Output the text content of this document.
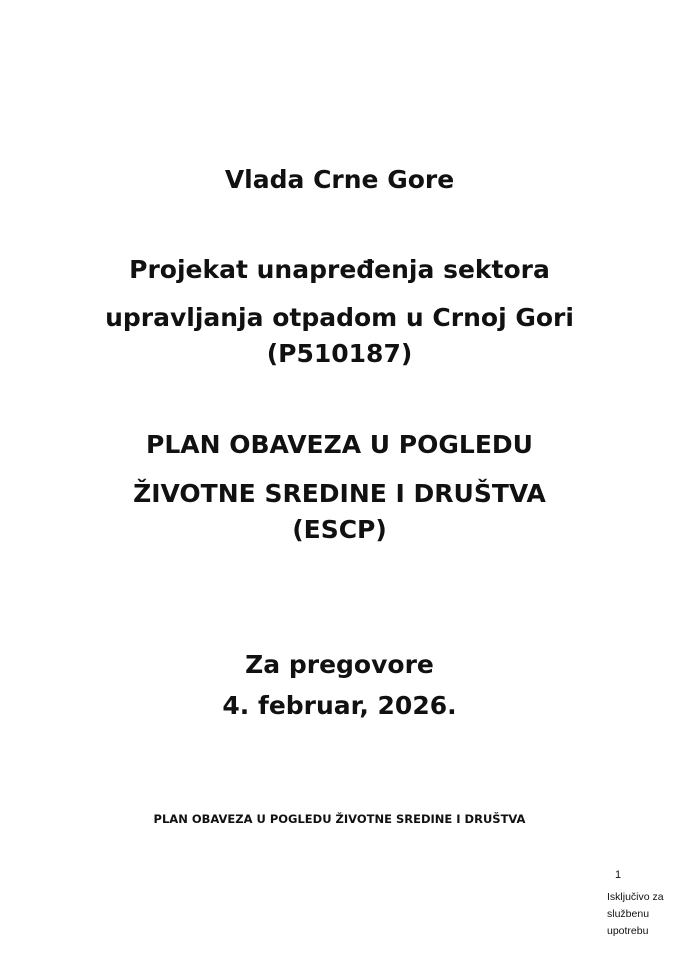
Vlada Crne Gore
Projekat unapređenja sektora
upravljanja otpadom u Crnoj Gori
(P510187)
PLAN OBAVEZA U POGLEDU
ŽIVOTNE SREDINE I DRUŠTVA
(ESCP)
Za pregovore
4. februar, 2026.
PLAN OBAVEZA U POGLEDU ŽIVOTNE SREDINE I DRUŠTVA
1
Isključivo za
službenu
upotrebu
